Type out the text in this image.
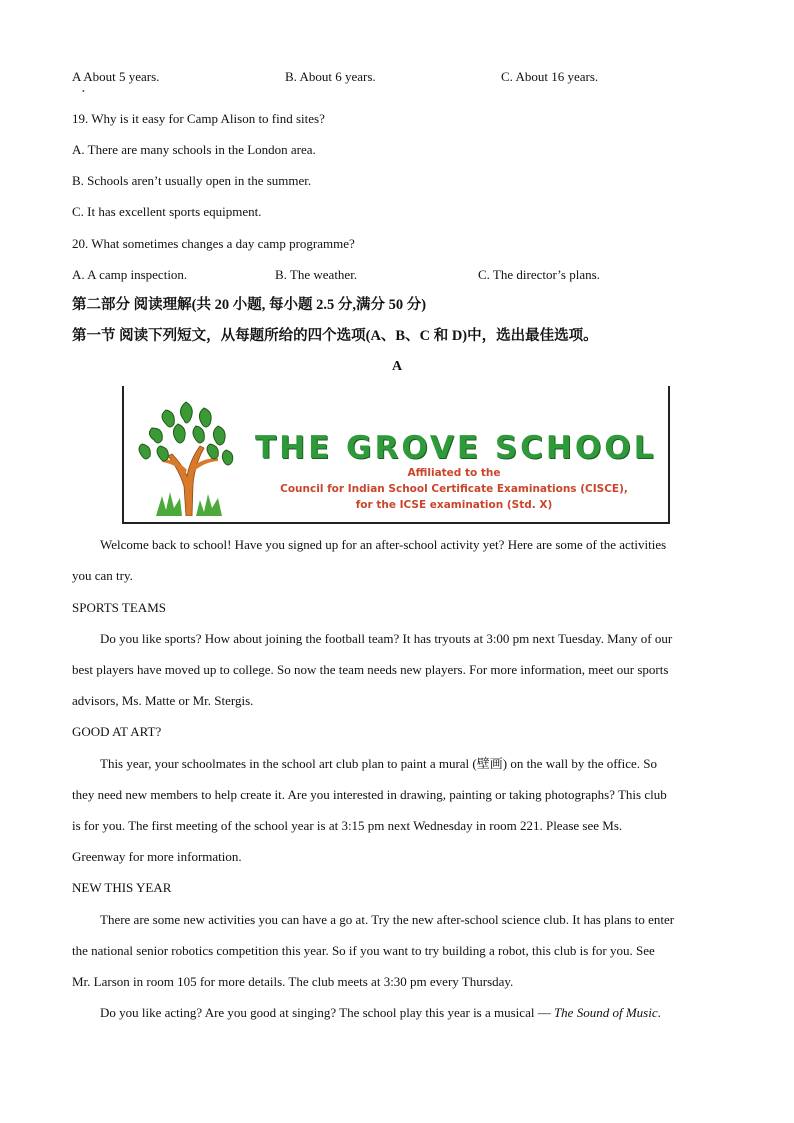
A About 5 years.	B. About 6 years.	C. About 16 years.
•
19. Why is it easy for Camp Alison to find sites?
A. There are many schools in the London area.
B. Schools aren’t usually open in the summer.
C. It has excellent sports equipment.
20. What sometimes changes a day camp programme?
A. A camp inspection.	B. The weather.	C. The director’s plans.
第二部分 阅读理解(共 20 小题, 每小题 2.5 分,满分 50 分)
第一节 阅读下列短文，从每题所给的四个选项(A、B、C 和 D)中，选出最佳选项。
A
THE GROVE SCHOOL
Affiliated to the
Council for Indian School Certificate Examinations (CISCE),
for the ICSE examination (Std. X)
Welcome back to school! Have you signed up for an after-school activity yet? Here are some of the activities
you can try.
SPORTS TEAMS
Do you like sports? How about joining the football team? It has tryouts at 3:00 pm next Tuesday. Many of our
best players have moved up to college. So now the team needs new players. For more information, meet our sports
advisors, Ms. Matte or Mr. Stergis.
GOOD AT ART?
This year, your schoolmates in the school art club plan to paint a mural (壁画) on the wall by the office. So
they need new members to help create it. Are you interested in drawing, painting or taking photographs? This club
is for you. The first meeting of the school year is at 3:15 pm next Wednesday in room 221. Please see Ms.
Greenway for more information.
NEW THIS YEAR
There are some new activities you can have a go at. Try the new after-school science club. It has plans to enter
the national senior robotics competition this year. So if you want to try building a robot, this club is for you. See
Mr. Larson in room 105 for more details. The club meets at 3:30 pm every Thursday.
Do you like acting? Are you good at singing? The school play this year is a musical — The Sound of Music.
